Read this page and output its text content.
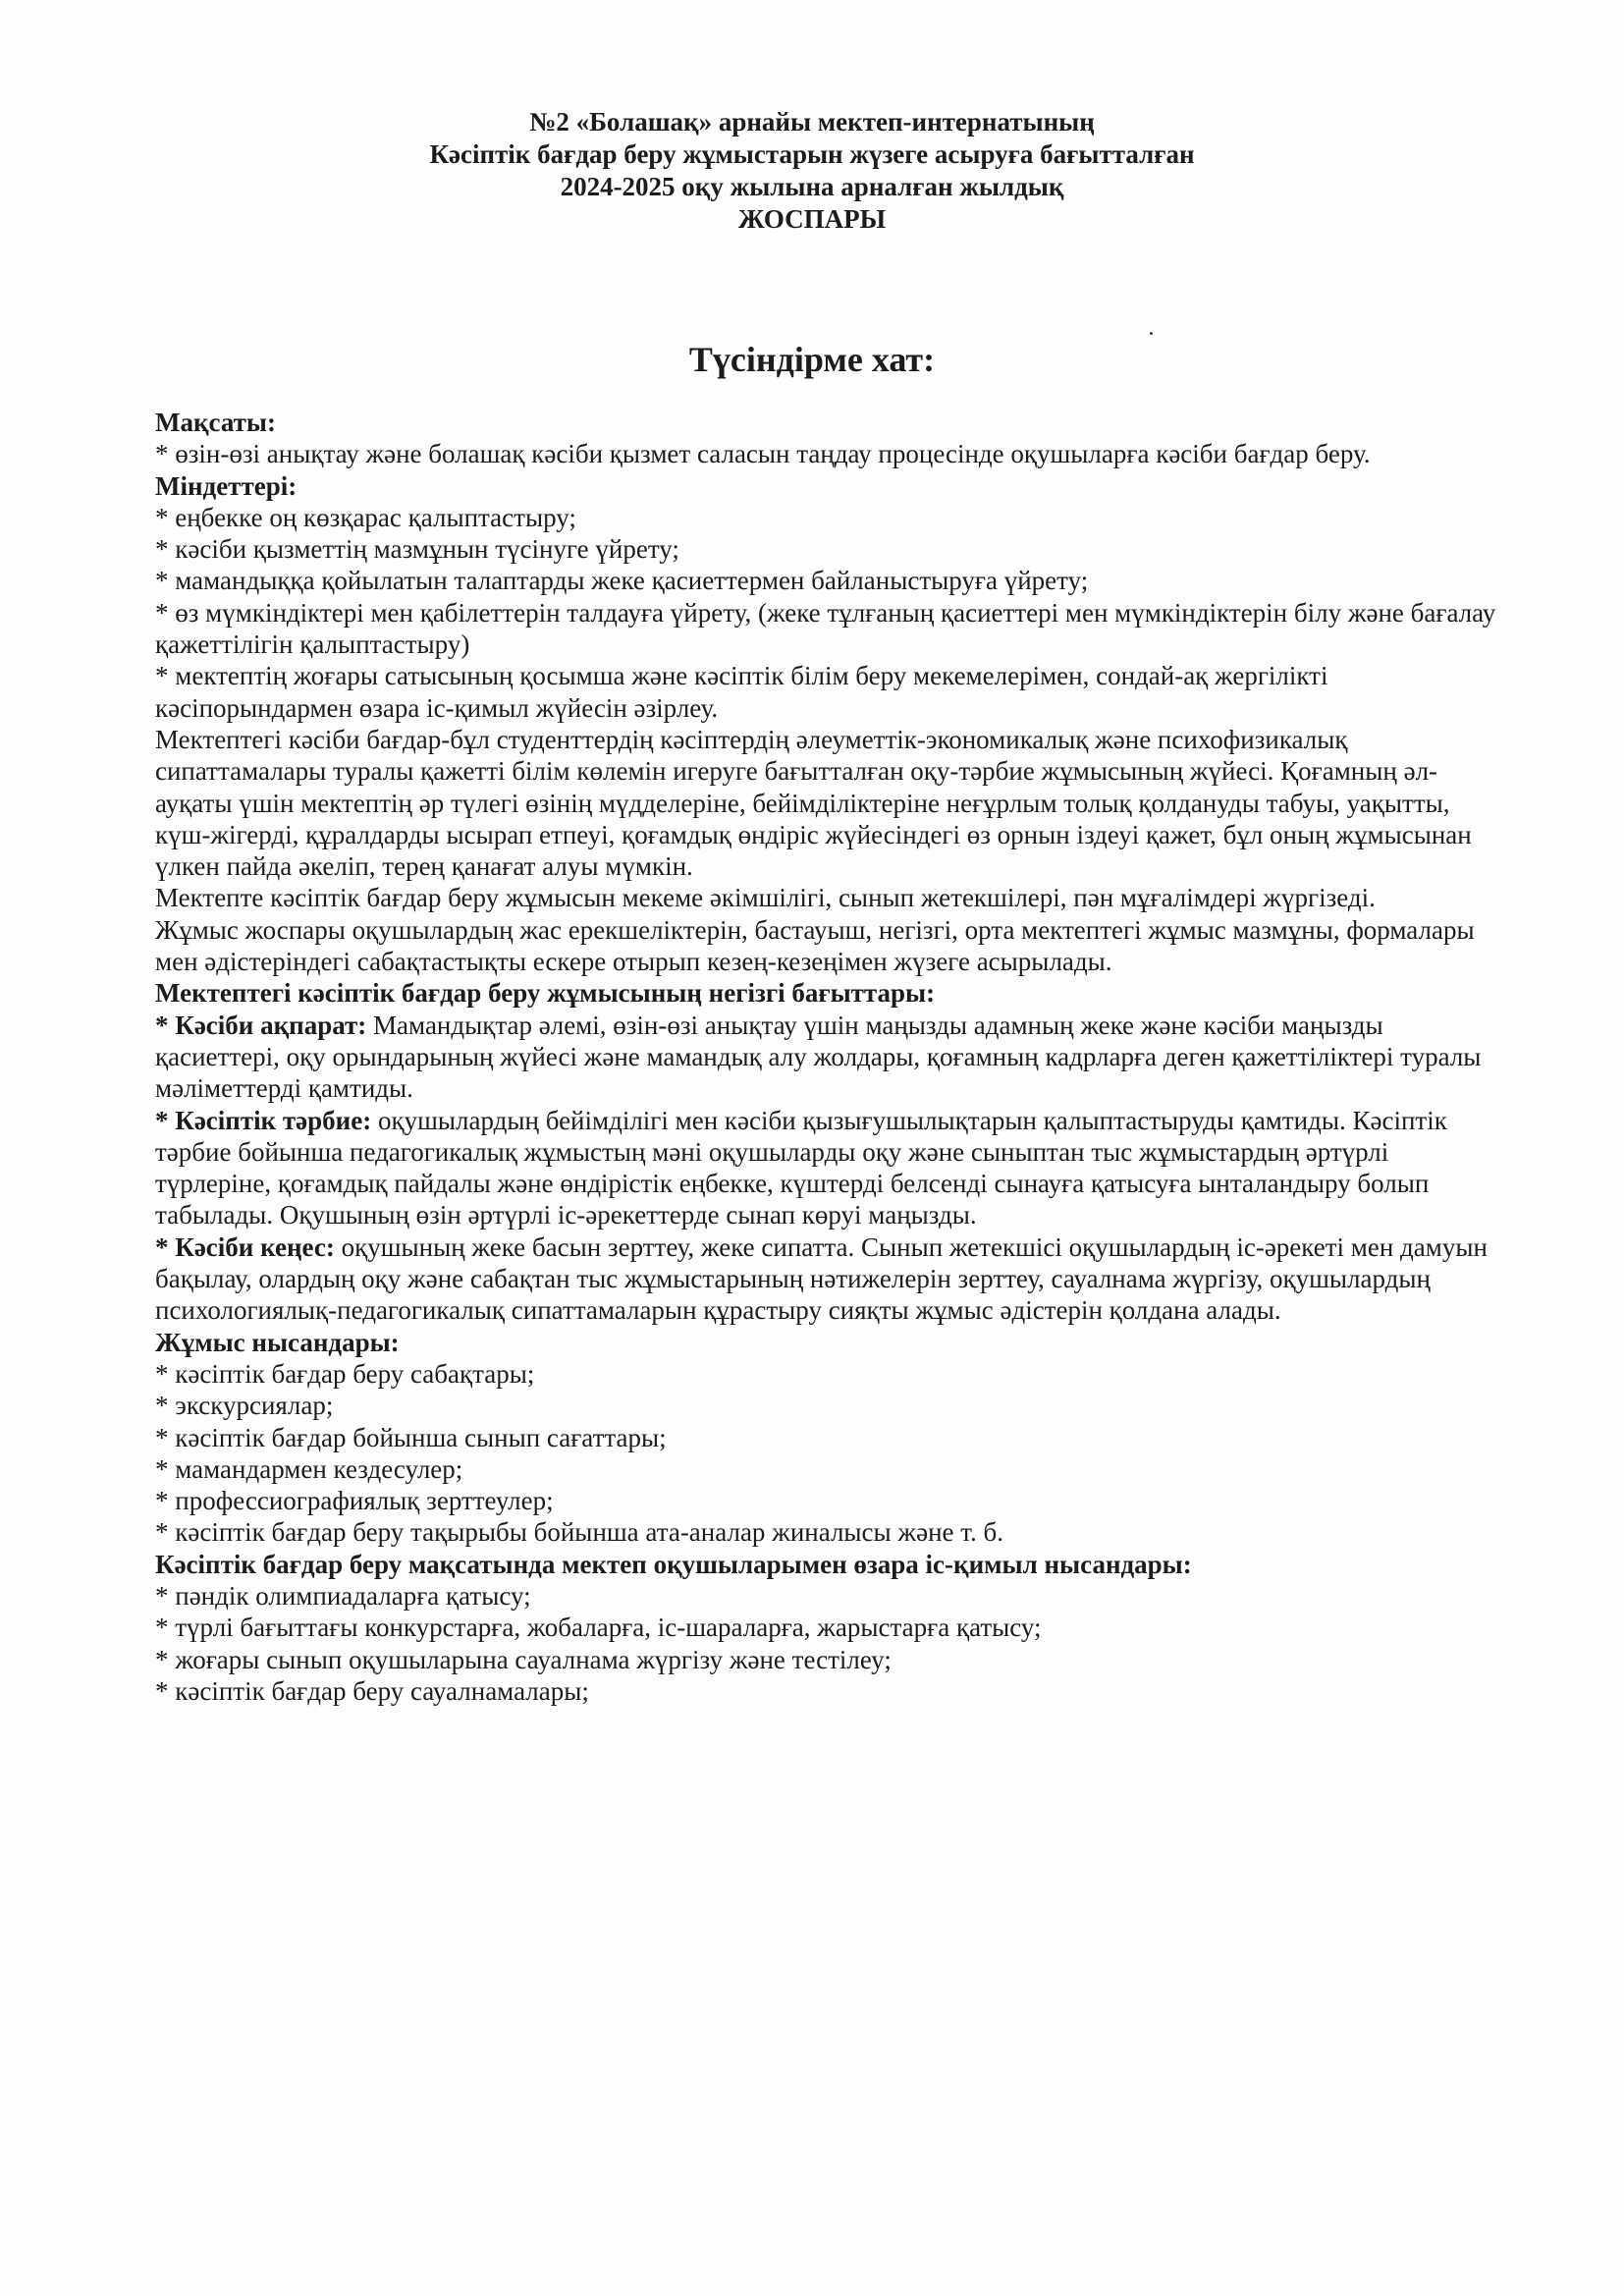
№2 «Болашақ» арнайы мектеп-интернатының
Кәсіптік бағдар беру жұмыстарын жүзеге асыруға бағытталған
2024-2025 оқу жылына арналған жылдық
ЖОСПАРЫ
Түсіндірме хат:

Мақсаты:

* өзін-өзі анықтау және болашақ кәсіби қызмет саласын таңдау процесінде оқушыларға кәсіби бағдар беру.

Міндеттері:

* еңбекке оң көзқарас қалыптастыру;
* кәсіби қызметтің мазмұнын түсінуге үйрету;
* мамандыққа қойылатын талаптарды жеке қасиеттермен байланыстыруға үйрету;
* өз мүмкіндіктері мен қабілеттерін талдауға үйрету, (жеке тұлғаның қасиеттері мен мүмкіндіктерін білу және бағалау қажеттілігін қалыптастыру)
* мектептің жоғары сатысының қосымша және кәсіптік білім беру мекемелерімен, сондай-ақ жергілікті кәсіпорындармен өзара іс-қимыл жүйесін әзірлеу.

Мектептегі кәсіби бағдар-бұл студенттердің кәсіптердің әлеуметтік-экономикалық және психофизикалық сипаттамалары туралы қажетті білім көлемін игеруге бағытталған оқу-тәрбие жұмысының жүйесі. Қоғамның әл-ауқаты үшін мектептің әр түлегі өзінің мүдделеріне, бейімділіктеріне неғұрлым толық қолдануды табуы, уақытты, күш-жігерді, құралдарды ысырап етпеуі, қоғамдық өндіріс жүйесіндегі өз орнын іздеуі қажет, бұл оның жұмысынан үлкен пайда әкеліп, терең қанағат алуы мүмкін.

Мектепте кәсіптік бағдар беру жұмысын мекеме әкімшілігі, сынып жетекшілері, пән мұғалімдері жүргізеді.

Жұмыс жоспары оқушылардың жас ерекшеліктерін, бастауыш, негізгі, орта мектептегі жұмыс мазмұны, формалары мен әдістеріндегі сабақтастықты ескере отырып кезең-кезеңімен жүзеге асырылады.

Мектептегі кәсіптік бағдар беру жұмысының негізгі бағыттары:

* Кәсіби ақпарат: Мамандықтар әлемі, өзін-өзі анықтау үшін маңызды адамның жеке және кәсіби маңызды қасиеттері, оқу орындарының жүйесі және мамандық алу жолдары, қоғамның кадрларға деген қажеттіліктері туралы мәліметтерді қамтиды.

* Кәсіптік тәрбие: оқушылардың бейімділігі мен кәсіби қызығушылықтарын қалыптастыруды қамтиды. Кәсіптік тәрбие бойынша педагогикалық жұмыстың мәні оқушыларды оқу және сыныптан тыс жұмыстардың әртүрлі түрлеріне, қоғамдық пайдалы және өндірістік еңбекке, күштерді белсенді сынауға қатысуға ынталандыру болып табылады. Оқушының өзін әртүрлі іс-әрекеттерде сынап көруі маңызды.

* Кәсіби кеңес: оқушының жеке басын зерттеу, жеке сипатта. Сынып жетекшісі оқушылардың іс-әрекеті мен дамуын бақылау, олардың оқу және сабақтан тыс жұмыстарының нәтижелерін зерттеу, сауалнама жүргізу, оқушылардың психологиялық-педагогикалық сипаттамаларын құрастыру сияқты жұмыс әдістерін қолдана алады.

Жұмыс нысандары:

* кәсіптік бағдар беру сабақтары;
* экскурсиялар;
* кәсіптік бағдар бойынша сынып сағаттары;
* мамандармен кездесулер;
* профессиографиялық зерттеулер;
* кәсіптік бағдар беру тақырыбы бойынша ата-аналар жиналысы және т. б.

Кәсіптік бағдар беру мақсатында мектеп оқушыларымен өзара іс-қимыл нысандары:

* пәндік олимпиадаларға қатысу;
* түрлі бағыттағы конкурстарға, жобаларға, іс-шараларға, жарыстарға қатысу;
* жоғары сынып оқушыларына сауалнама жүргізу және тестілеу;
* кәсіптік бағдар беру сауалнамалары;
